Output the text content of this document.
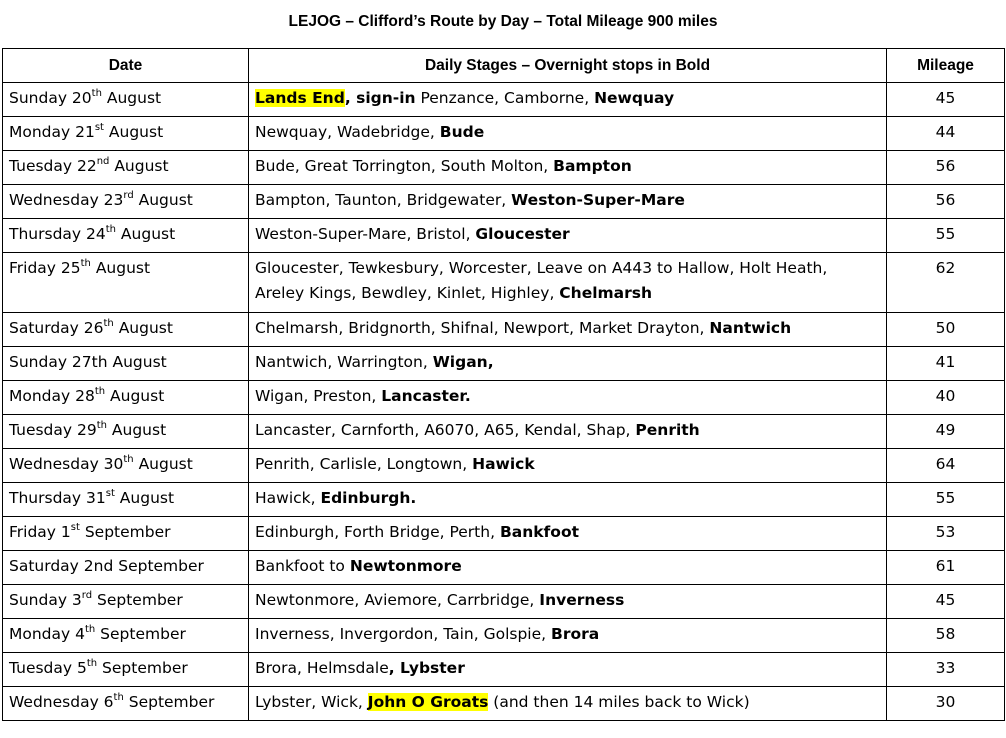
LEJOG – Clifford’s Route by Day – Total Mileage 900 miles
Date	Daily Stages – Overnight stops in Bold	Mileage
Sunday 20th August	Lands End, sign-in Penzance, Camborne, Newquay	45
Monday 21st August	Newquay, Wadebridge, Bude	44
Tuesday 22nd August	Bude, Great Torrington, South Molton, Bampton	56
Wednesday 23rd August	Bampton, Taunton, Bridgewater, Weston-Super-Mare	56
Thursday 24th August	Weston-Super-Mare, Bristol, Gloucester	55
Friday 25th August	Gloucester, Tewkesbury, Worcester, Leave on A443 to Hallow, Holt Heath, Areley Kings, Bewdley, Kinlet, Highley, Chelmarsh	62
Saturday 26th August	Chelmarsh, Bridgnorth, Shifnal, Newport, Market Drayton, Nantwich	50
Sunday 27th August	Nantwich, Warrington, Wigan,	41
Monday 28th August	Wigan, Preston, Lancaster.	40
Tuesday 29th August	Lancaster, Carnforth, A6070, A65, Kendal, Shap, Penrith	49
Wednesday 30th August	Penrith, Carlisle, Longtown, Hawick	64
Thursday 31st August	Hawick, Edinburgh.	55
Friday 1st September	Edinburgh, Forth Bridge, Perth, Bankfoot	53
Saturday 2nd September	Bankfoot to Newtonmore	61
Sunday 3rd September	Newtonmore, Aviemore, Carrbridge, Inverness	45
Monday 4th September	Inverness, Invergordon, Tain, Golspie, Brora	58
Tuesday 5th September	Brora, Helmsdale, Lybster	33
Wednesday 6th September	Lybster, Wick, John O Groats (and then 14 miles back to Wick)	30
